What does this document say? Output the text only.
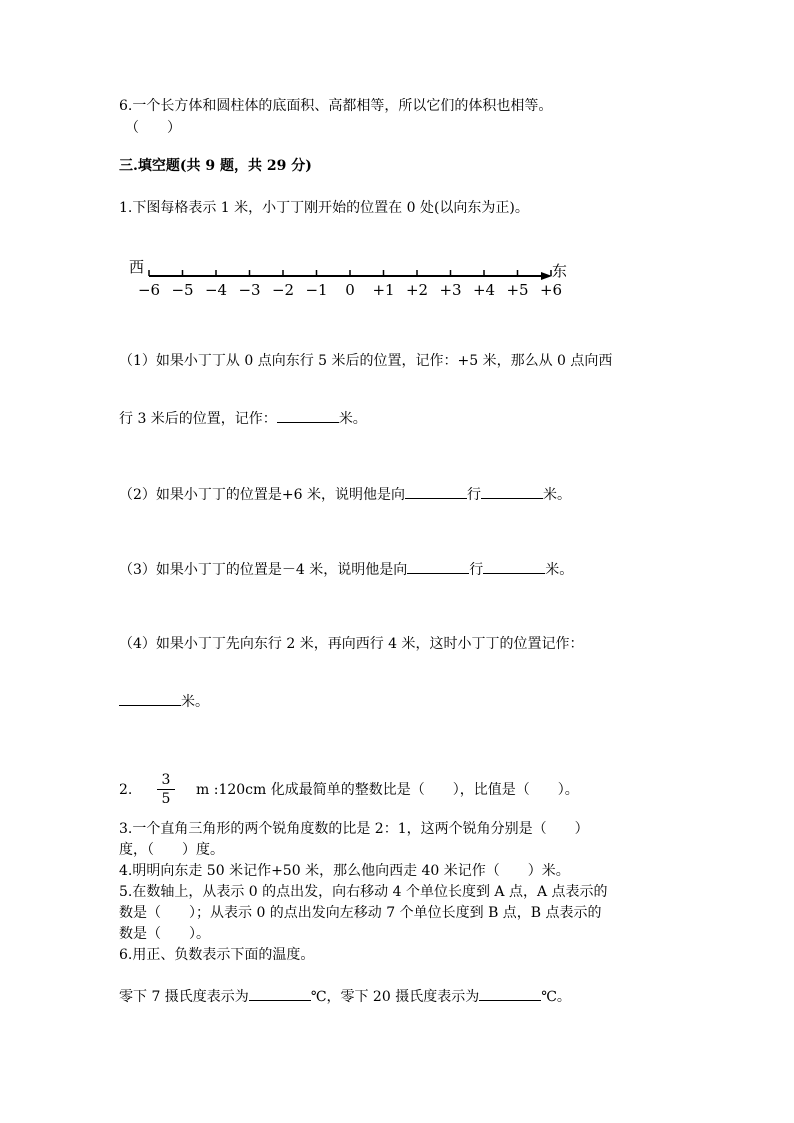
6.一个长方体和圆柱体的底面积、高都相等，所以它们的体积也相等。
（　　）
三.填空题(共 9 题，共 29 分)
1.下图每格表示 1 米，小丁丁刚开始的位置在 0 处(以向东为正)。
西	东
−6 −5 −4 −3 −2 −1 0 +1 +2 +3 +4 +5 +6
（1）如果小丁丁从 0 点向东行 5 米后的位置，记作：+5 米，那么从 0 点向西
行 3 米后的位置，记作：	米。
（2）如果小丁丁的位置是+6 米，说明他是向	行	米。
（3）如果小丁丁的位置是－4 米，说明他是向	行	米。
（4）如果小丁丁先向东行 2 米，再向西行 4 米，这时小丁丁的位置记作：
米。
2. $\frac{3}{5}$ m :120cm 化成最简单的整数比是（　　），比值是（　　）。
3.一个直角三角形的两个锐角度数的比是 2：1，这两个锐角分别是（　　）
度，（　　）度。
4.明明向东走 50 米记作+50 米，那么他向西走 40 米记作（　　）米。
5.在数轴上，从表示 0 的点出发，向右移动 4 个单位长度到 A 点，A 点表示的
数是（　　）；从表示 0 的点出发向左移动 7 个单位长度到 B 点，B 点表示的
数是（　　）。
6.用正、负数表示下面的温度。
零下 7 摄氏度表示为	℃，零下 20 摄氏度表示为	℃。
